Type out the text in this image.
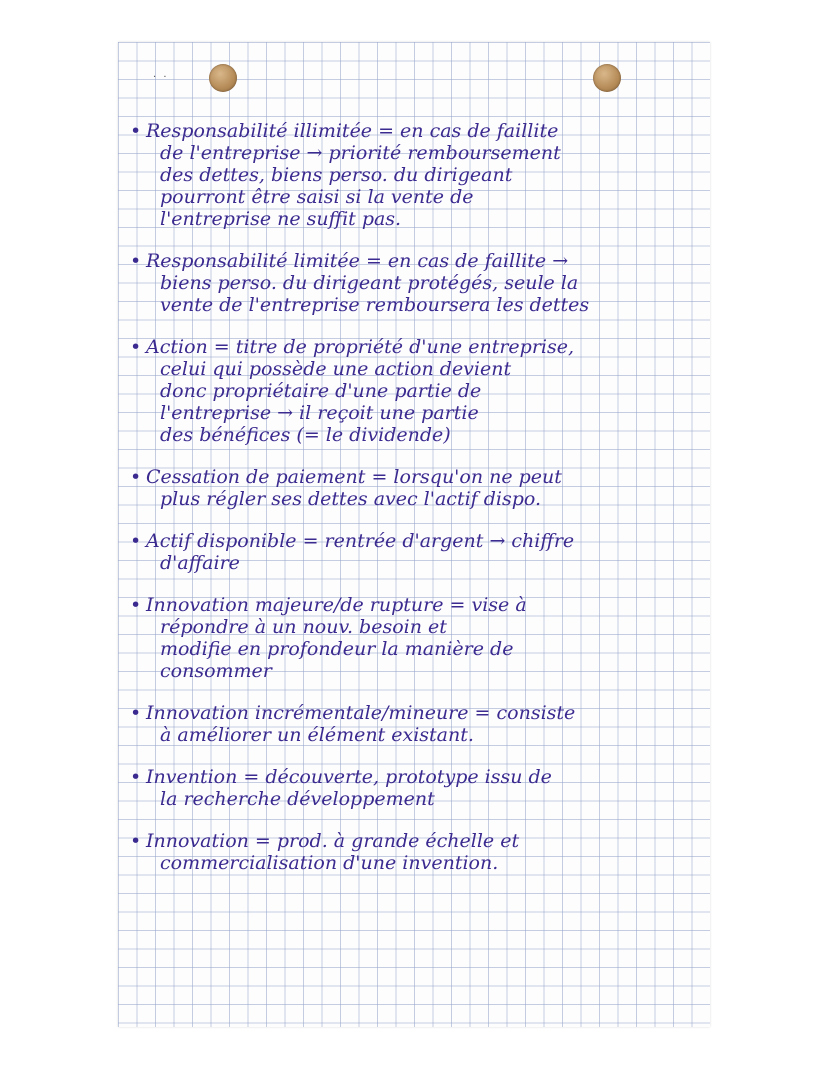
· ·
• Responsabilité illimitée = en cas de faillite
de l'entreprise → priorité remboursement
des dettes, biens perso. du dirigeant
pourront être saisi si la vente de
l'entreprise ne suffit pas.
• Responsabilité limitée = en cas de faillite →
biens perso. du dirigeant protégés, seule la
vente de l'entreprise remboursera les dettes
• Action = titre de propriété d'une entreprise,
celui qui possède une action devient
donc propriétaire d'une partie de
l'entreprise → il reçoit une partie
des bénéfices (= le dividende)
• Cessation de paiement = lorsqu'on ne peut
plus régler ses dettes avec l'actif dispo.
• Actif disponible = rentrée d'argent → chiffre
d'affaire
• Innovation majeure/de rupture = vise à
répondre à un nouv. besoin et
modifie en profondeur la manière de
consommer
• Innovation incrémentale/mineure = consiste
à améliorer un élément existant.
• Invention = découverte, prototype issu de
la recherche développement
• Innovation = prod. à grande échelle et
commercialisation d'une invention.
